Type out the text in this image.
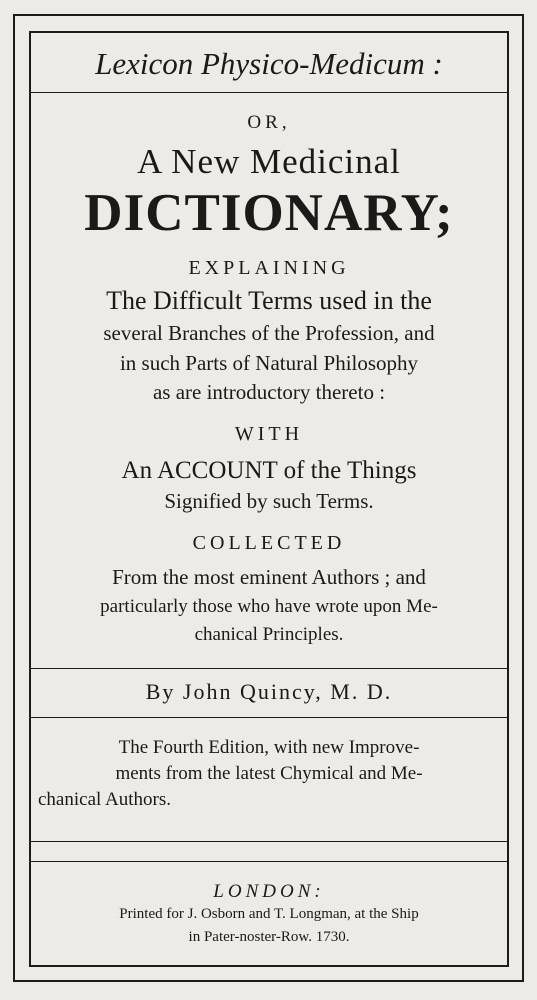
Lexicon Physico-Medicum :
OR,
A New Medicinal
DICTIONARY;
EXPLAINING
The Difficult Terms used in the
several Branches of the Profession, and
in such Parts of Natural Philosophy
as are introductory thereto :
WITH
An ACCOUNT of the Things
Signified by such Terms.
COLLECTED
From the most eminent Authors ; and
particularly those who have wrote upon Me-
chanical Principles.
By John Quincy, M. D.
The Fourth Edition, with new Improve-
ments from the latest Chymical and Me-
chanical Authors.
LONDON:
Printed for J. Osborn and T. Longman, at the Ship
in Pater-noster-Row. 1730.
